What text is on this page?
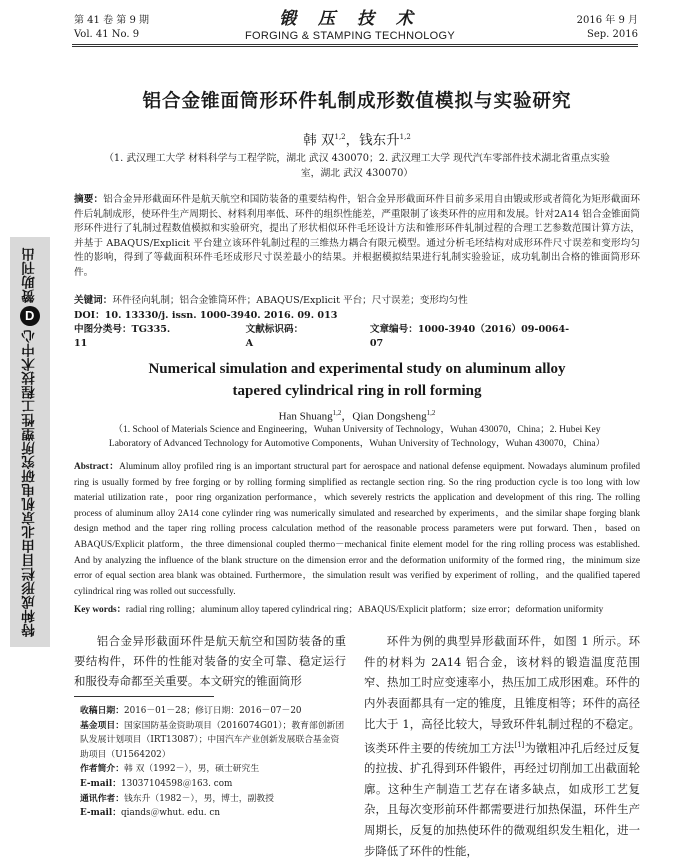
第 41 卷 第 9 期
Vol. 41 No. 9
锻 压 技 术
FORGING & STAMPING TECHNOLOGY
2016 年 9 月
Sep. 2016
特种成形栏目由北京机电研究所塑性工程技术中心
D
赞助刊出
铝合金锥面筒形环件轧制成形数值模拟与实验研究
韩 双$^{1,2}$，钱东升$^{1,2}$
（1. 武汉理工大学 材料科学与工程学院，湖北 武汉 430070；2. 武汉理工大学 现代汽车零部件技术湖北省重点实验室，湖北 武汉 430070）
摘要：铝合金异形截面环件是航天航空和国防装备的重要结构件，铝合金异形截面环件目前多采用自由锻或形或者简化为矩形截面环件后轧制成形，使环件生产周期长、材料利用率低、环件的组织性能差，严重限制了该类环件的应用和发展。针对2A14 铝合金锥面筒形环件进行了轧制过程数值模拟和实验研究，提出了形状相似环件毛坯设计方法和锥形环件轧制过程的合理工艺参数范围计算方法，并基于 ABAQUS/Explicit 平台建立该环件轧制过程的三维热力耦合有限元模型。通过分析毛坯结构对成形环件尺寸误差和变形均匀性的影响，得到了等截面积环件毛坯成形尺寸误差最小的结果。并根据模拟结果进行轧制实验验证，成功轧制出合格的锥面筒形环件。
关键词：环件径向轧制；铝合金锥筒环件；ABAQUS/Explicit 平台；尺寸误差；变形均匀性
DOI：10. 13330/j. issn. 1000-3940. 2016. 09. 013
中图分类号：TG335. 11
文献标识码：A
文章编号：1000-3940（2016）09-0064-07
Numerical simulation and experimental study on aluminum alloy tapered cylindrical ring in roll forming
Han Shuang$^{1,2}$，Qian Dongsheng$^{1,2}$
（1. School of Materials Science and Engineering，Wuhan University of Technology，Wuhan 430070，China；2. Hubei Key Laboratory of Advanced Technology for Automotive Components，Wuhan University of Technology，Wuhan 430070，China）
Abstract：Aluminum alloy profiled ring is an important structural part for aerospace and national defense equipment. Nowadays aluminum profiled ring is usually formed by free forging or by rolling forming simplified as rectangle section ring. So the ring production cycle is too long with low material utilization rate，poor ring organization performance，which severely restricts the application and development of this ring. The rolling process of aluminum alloy 2A14 cone cylinder ring was numerically simulated and researched by experiments，and the similar shape forging blank design method and the taper ring rolling process calculation method of the reasonable process parameters were put forward. Then，based on ABAQUS/Explicit platform，the three dimensional coupled thermo－mechanical finite element model for the ring rolling process was established. And by analyzing the influence of the blank structure on the dimension error and the deformation uniformity of the formed ring，the minimum size error of equal section area blank was obtained. Furthermore，the simulation result was verified by experiment of rolling，and the qualified tapered cylindrical ring was rolled out successfully.
Key words：radial ring rolling；aluminum alloy tapered cylindrical ring；ABAQUS/Explicit platform；size error；deformation uniformity
铝合金异形截面环件是航天航空和国防装备的重要结构件，环件的性能对装备的安全可靠、稳定运行和服役寿命都至关重要。本文研究的锥面筒形
环件为例的典型异形截面环件，如图 1 所示。环件的材料为 2A14 铝合金，该材料的锻造温度范围窄、热加工时应变速率小，热压加工成形困难。环件的内外表面都具有一定的锥度，且锥度相等；环件的高径比大于 1，高径比较大，导致环件轧制过程的不稳定。该类环件主要的传统加工方法[1]为镦粗冲孔后经过反复的拉拔、扩孔得到环件锻件，再经过切削加工出截面轮廓。这种生产制造工艺存在诸多缺点，如成形工艺复杂，且每次变形前环件都需要进行加热保温，环件生产周期长，反复的加热使环件的微观组织发生粗化，进一步降低了环件的性能，
收稿日期：2016－01－28；修订日期：2016－07－20
基金项目：国家国防基金资助项目（2016074G01）；教育部创新团队发展计划项目（IRT13087）；中国汽车产业创新发展联合基金资助项目（U1564202）
作者简介：韩 双（1992－），男，硕士研究生
E-mail：13037104598＠163. com
通讯作者：钱东升（1982－），男，博士，副教授
E-mail：qiands＠whut. edu. cn
